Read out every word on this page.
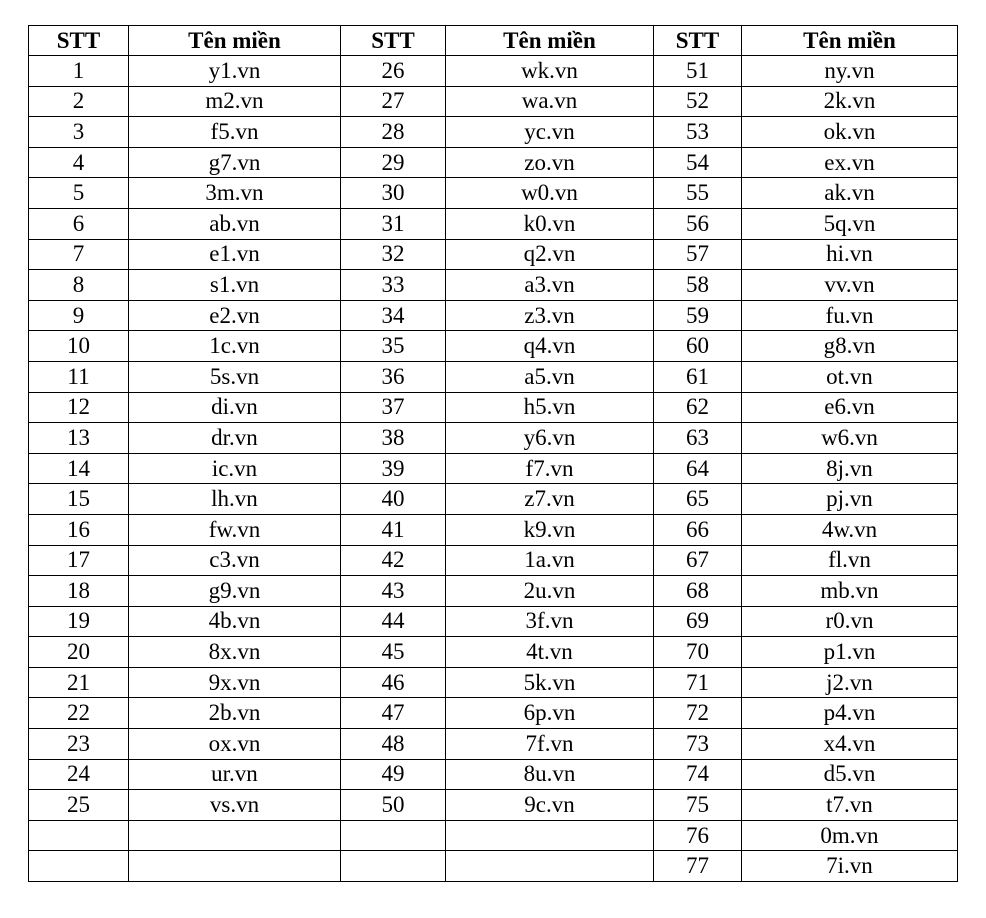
STT	Tên miền	STT	Tên miền	STT	Tên miền
1	y1.vn	26	wk.vn	51	ny.vn
2	m2.vn	27	wa.vn	52	2k.vn
3	f5.vn	28	yc.vn	53	ok.vn
4	g7.vn	29	zo.vn	54	ex.vn
5	3m.vn	30	w0.vn	55	ak.vn
6	ab.vn	31	k0.vn	56	5q.vn
7	e1.vn	32	q2.vn	57	hi.vn
8	s1.vn	33	a3.vn	58	vv.vn
9	e2.vn	34	z3.vn	59	fu.vn
10	1c.vn	35	q4.vn	60	g8.vn
11	5s.vn	36	a5.vn	61	ot.vn
12	di.vn	37	h5.vn	62	e6.vn
13	dr.vn	38	y6.vn	63	w6.vn
14	ic.vn	39	f7.vn	64	8j.vn
15	lh.vn	40	z7.vn	65	pj.vn
16	fw.vn	41	k9.vn	66	4w.vn
17	c3.vn	42	1a.vn	67	fl.vn
18	g9.vn	43	2u.vn	68	mb.vn
19	4b.vn	44	3f.vn	69	r0.vn
20	8x.vn	45	4t.vn	70	p1.vn
21	9x.vn	46	5k.vn	71	j2.vn
22	2b.vn	47	6p.vn	72	p4.vn
23	ox.vn	48	7f.vn	73	x4.vn
24	ur.vn	49	8u.vn	74	d5.vn
25	vs.vn	50	9c.vn	75	t7.vn
				76	0m.vn
				77	7i.vn
